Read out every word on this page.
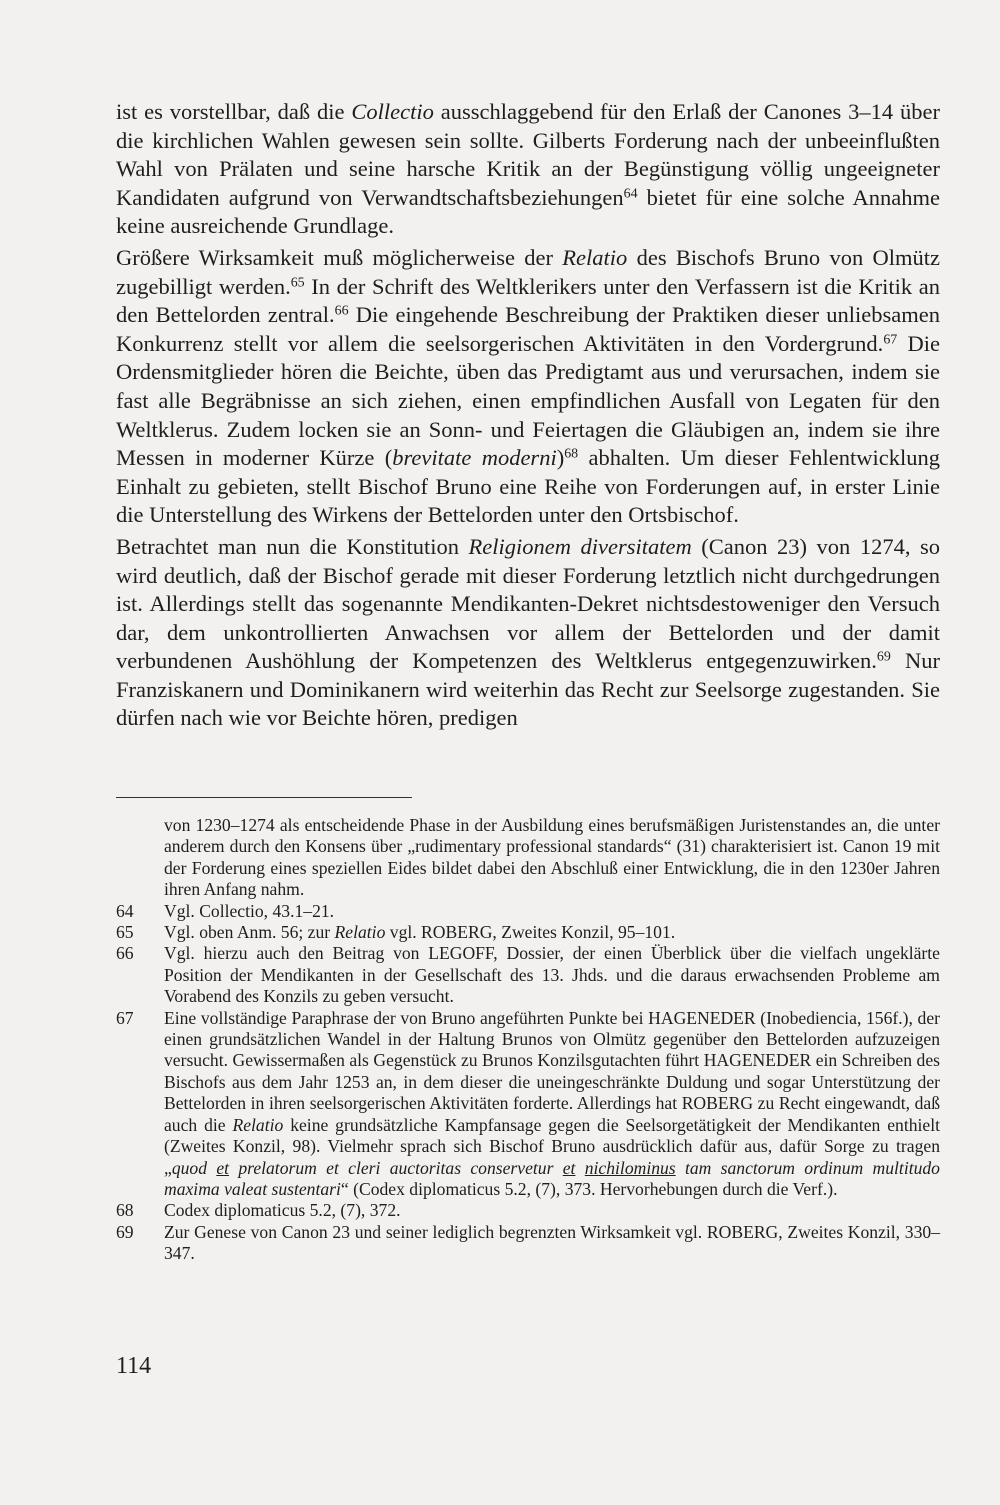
ist es vorstellbar, daß die Collectio ausschlaggebend für den Erlaß der Canones 3–14 über die kirchlichen Wahlen gewesen sein sollte. Gilberts Forderung nach der unbeeinflußten Wahl von Prälaten und seine harsche Kritik an der Begünstigung völlig ungeeigneter Kandidaten aufgrund von Verwandtschaftsbeziehungen$^{64}$ bietet für eine solche Annahme keine ausreichende Grundlage.

Größere Wirksamkeit muß möglicherweise der Relatio des Bischofs Bruno von Olmütz zugebilligt werden.$^{65}$ In der Schrift des Weltklerikers unter den Verfassern ist die Kritik an den Bettelorden zentral.$^{66}$ Die eingehende Beschreibung der Praktiken dieser unliebsamen Konkurrenz stellt vor allem die seelsorgerischen Aktivitäten in den Vordergrund.$^{67}$ Die Ordensmitglieder hören die Beichte, üben das Predigtamt aus und verursachen, indem sie fast alle Begräbnisse an sich ziehen, einen empfindlichen Ausfall von Legaten für den Weltklerus. Zudem locken sie an Sonn- und Feiertagen die Gläubigen an, indem sie ihre Messen in moderner Kürze (brevitate moderni)$^{68}$ abhalten. Um dieser Fehlentwicklung Einhalt zu gebieten, stellt Bischof Bruno eine Reihe von Forderungen auf, in erster Linie die Unterstellung des Wirkens der Bettelorden unter den Ortsbischof.

Betrachtet man nun die Konstitution Religionem diversitatem (Canon 23) von 1274, so wird deutlich, daß der Bischof gerade mit dieser Forderung letztlich nicht durchgedrungen ist. Allerdings stellt das sogenannte Mendikanten-Dekret nichtsdestoweniger den Versuch dar, dem unkontrollierten Anwachsen vor allem der Bettelorden und der damit verbundenen Aushöhlung der Kompetenzen des Weltklerus entgegenzuwirken.$^{69}$ Nur Franziskanern und Dominikanern wird weiterhin das Recht zur Seelsorge zugestanden. Sie dürfen nach wie vor Beichte hören, predigen

von 1230–1274 als entscheidende Phase in der Ausbildung eines berufsmäßigen Juristenstandes an, die unter anderem durch den Konsens über „rudimentary professional standards“ (31) charakterisiert ist. Canon 19 mit der Forderung eines speziellen Eides bildet dabei den Abschluß einer Entwicklung, die in den 1230er Jahren ihren Anfang nahm.
64 Vgl. Collectio, 43.1–21.
65 Vgl. oben Anm. 56; zur Relatio vgl. ROBERG, Zweites Konzil, 95–101.
66 Vgl. hierzu auch den Beitrag von LEGOFF, Dossier, der einen Überblick über die vielfach ungeklärte Position der Mendikanten in der Gesellschaft des 13. Jhds. und die daraus erwachsenden Probleme am Vorabend des Konzils zu geben versucht.
67 Eine vollständige Paraphrase der von Bruno angeführten Punkte bei HAGENEDER (Inobediencia, 156f.), der einen grundsätzlichen Wandel in der Haltung Brunos von Olmütz gegenüber den Bettelorden aufzuzeigen versucht. Gewissermaßen als Gegenstück zu Brunos Konzilsgutachten führt HAGENEDER ein Schreiben des Bischofs aus dem Jahr 1253 an, in dem dieser die uneingeschränkte Duldung und sogar Unterstützung der Bettelorden in ihren seelsorgerischen Aktivitäten forderte. Allerdings hat ROBERG zu Recht eingewandt, daß auch die Relatio keine grundsätzliche Kampfansage gegen die Seelsorgetätigkeit der Mendikanten enthielt (Zweites Konzil, 98). Vielmehr sprach sich Bischof Bruno ausdrücklich dafür aus, dafür Sorge zu tragen „quod et prelatorum et cleri auctoritas conservetur et nichilominus tam sanctorum ordinum multitudo maxima valeat sustentari“ (Codex diplomaticus 5.2, (7), 373. Hervorhebungen durch die Verf.).
68 Codex diplomaticus 5.2, (7), 372.
69 Zur Genese von Canon 23 und seiner lediglich begrenzten Wirksamkeit vgl. ROBERG, Zweites Konzil, 330–347.
114
